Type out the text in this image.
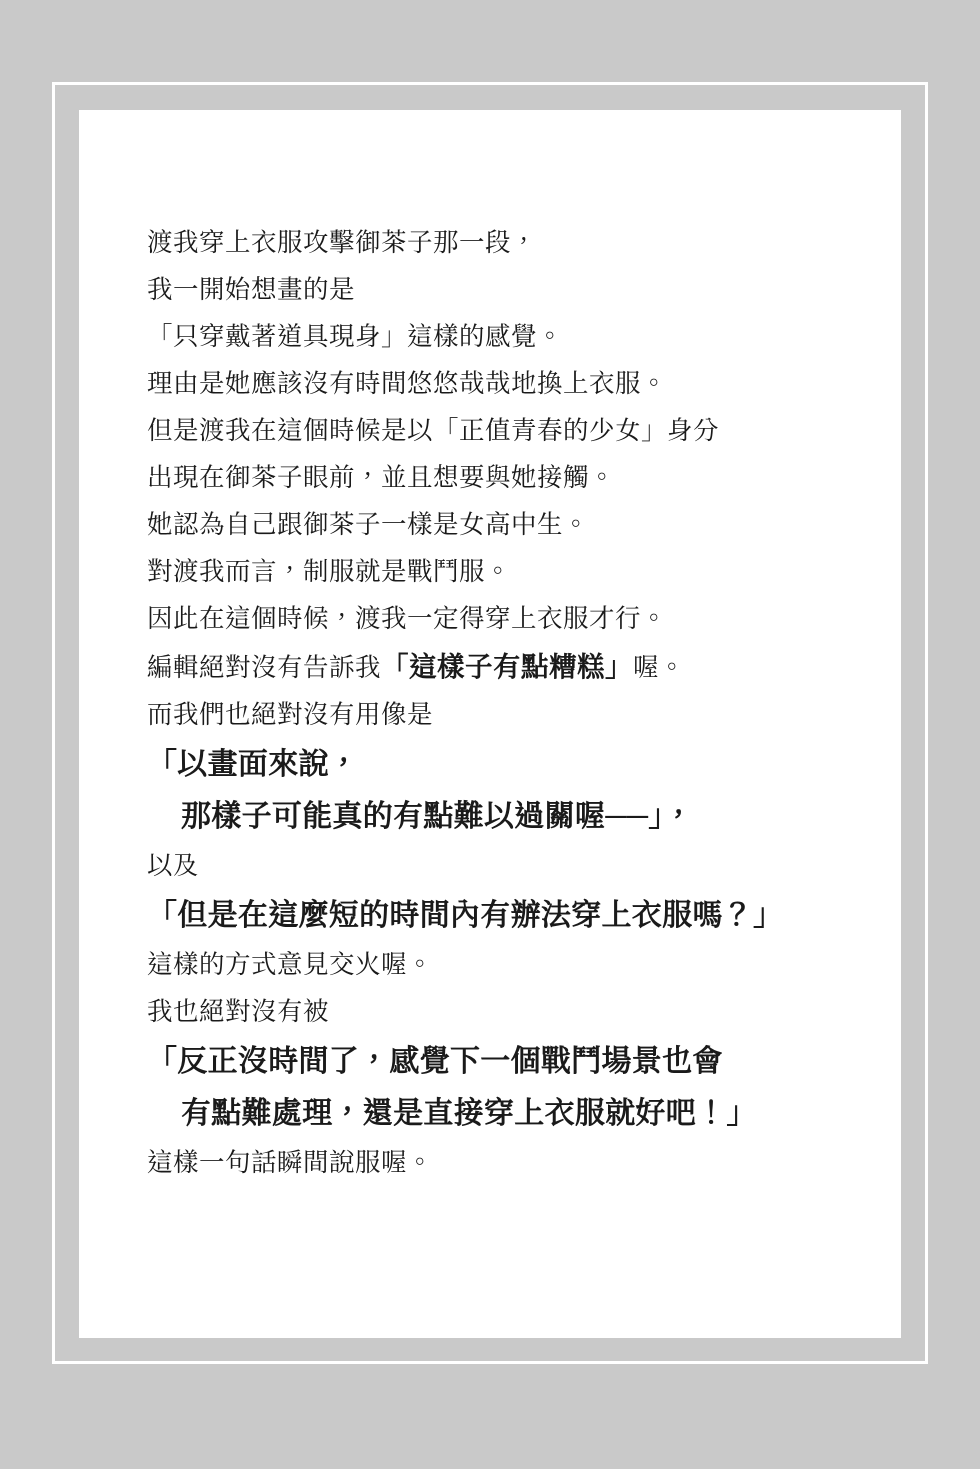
渡我穿上衣服攻擊御茶子那一段，
我一開始想畫的是
「只穿戴著道具現身」這樣的感覺。
理由是她應該沒有時間悠悠哉哉地換上衣服。
但是渡我在這個時候是以「正值青春的少女」身分
出現在御茶子眼前，並且想要與她接觸。
她認為自己跟御茶子一樣是女高中生。
對渡我而言，制服就是戰鬥服。
因此在這個時候，渡我一定得穿上衣服才行。
編輯絕對沒有告訴我「這樣子有點糟糕」喔。
而我們也絕對沒有用像是
「以畫面來說，
那樣子可能真的有點難以過關喔──」，
以及
「但是在這麼短的時間內有辦法穿上衣服嗎？」
這樣的方式意見交火喔。
我也絕對沒有被
「反正沒時間了，感覺下一個戰鬥場景也會
有點難處理，還是直接穿上衣服就好吧！」
這樣一句話瞬間說服喔。
